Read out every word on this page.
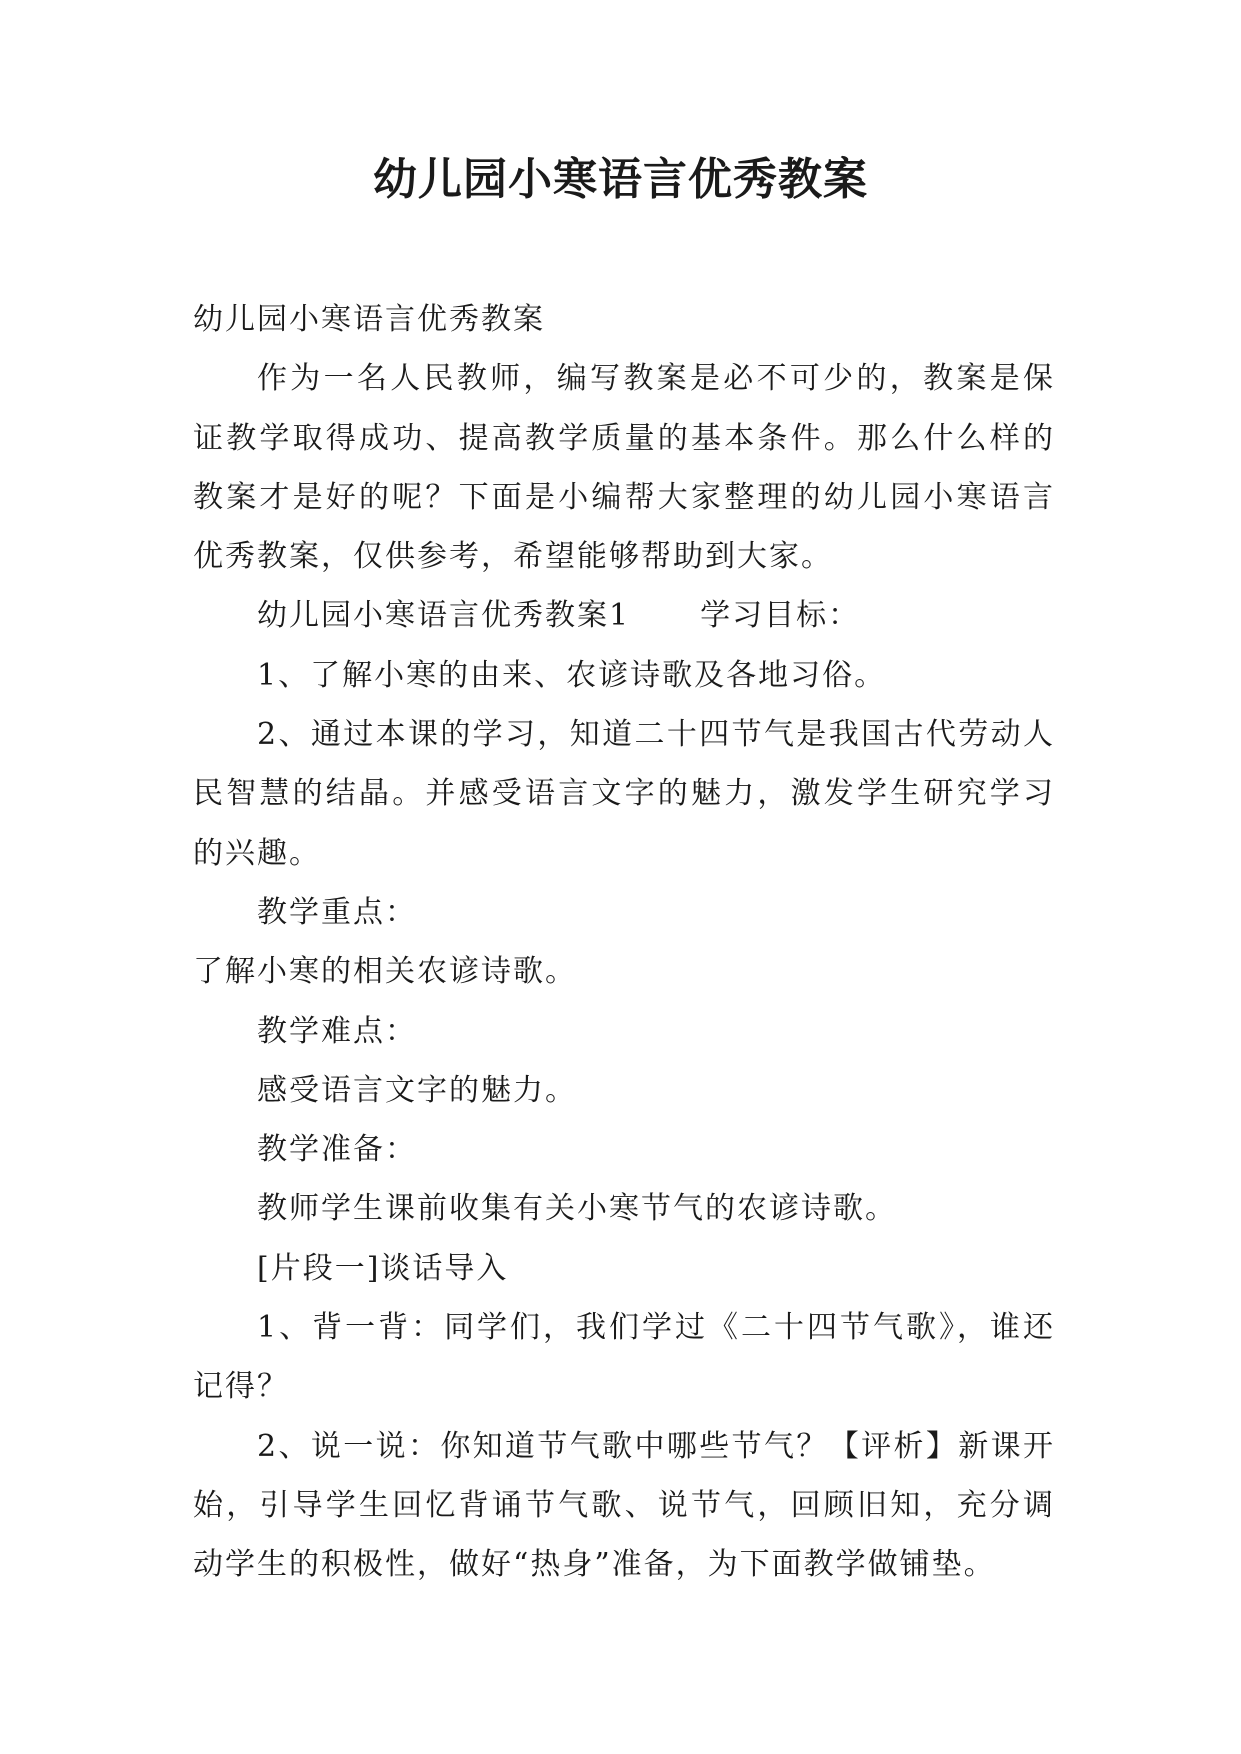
幼儿园小寒语言优秀教案

幼儿园小寒语言优秀教案

作为一名人民教师，编写教案是必不可少的，教案是保证教学取得成功、提高教学质量的基本条件。那么什么样的教案才是好的呢？下面是小编帮大家整理的幼儿园小寒语言优秀教案，仅供参考，希望能够帮助到大家。

幼儿园小寒语言优秀教案1 学习目标：

1、了解小寒的由来、农谚诗歌及各地习俗。

2、通过本课的学习，知道二十四节气是我国古代劳动人民智慧的结晶。并感受语言文字的魅力，激发学生研究学习的兴趣。

教学重点：

了解小寒的相关农谚诗歌。

教学难点：

感受语言文字的魅力。

教学准备：

教师学生课前收集有关小寒节气的农谚诗歌。

[片段一]谈话导入

1、背一背：同学们，我们学过《二十四节气歌》，谁还记得？

2、说一说：你知道节气歌中哪些节气？【评析】新课开始，引导学生回忆背诵节气歌、说节气，回顾旧知，充分调动学生的积极性，做好“热身”准备，为下面教学做铺垫。
